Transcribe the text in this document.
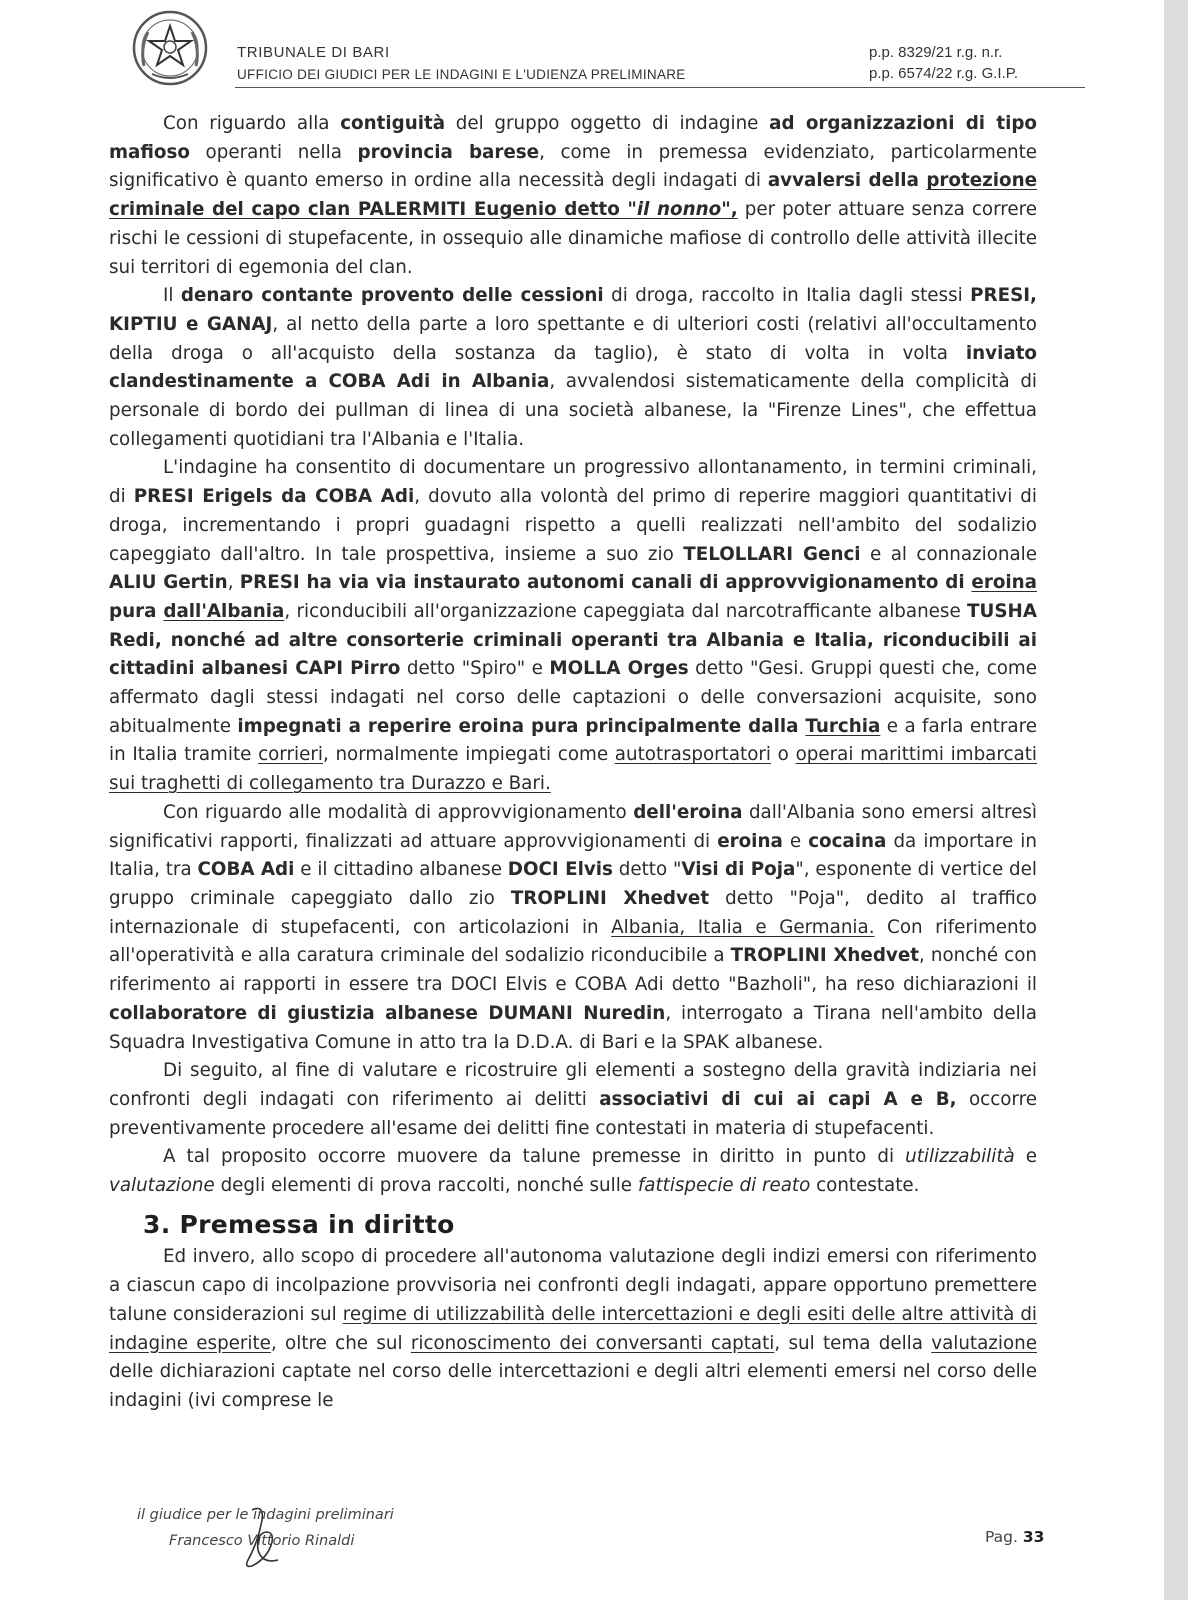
TRIBUNALE DI BARI
UFFICIO DEI GIUDICI PER LE INDAGINI E L'UDIENZA PRELIMINARE
p.p. 8329/21 r.g. n.r.
p.p. 6574/22 r.g. G.I.P.

Con riguardo alla contiguità del gruppo oggetto di indagine ad organizzazioni di tipo mafioso operanti nella provincia barese, come in premessa evidenziato, particolarmente significativo è quanto emerso in ordine alla necessità degli indagati di avvalersi della protezione criminale del capo clan PALERMITI Eugenio detto "il nonno", per poter attuare senza correre rischi le cessioni di stupefacente, in ossequio alle dinamiche mafiose di controllo delle attività illecite sui territori di egemonia del clan.

Il denaro contante provento delle cessioni di droga, raccolto in Italia dagli stessi PRESI, KIPTIU e GANAJ, al netto della parte a loro spettante e di ulteriori costi (relativi all'occultamento della droga o all'acquisto della sostanza da taglio), è stato di volta in volta inviato clandestinamente a COBA Adi in Albania, avvalendosi sistematicamente della complicità di personale di bordo dei pullman di linea di una società albanese, la "Firenze Lines", che effettua collegamenti quotidiani tra l'Albania e l'Italia.

L'indagine ha consentito di documentare un progressivo allontanamento, in termini criminali, di PRESI Erigels da COBA Adi, dovuto alla volontà del primo di reperire maggiori quantitativi di droga, incrementando i propri guadagni rispetto a quelli realizzati nell'ambito del sodalizio capeggiato dall'altro. In tale prospettiva, insieme a suo zio TELOLLARI Genci e al connazionale ALIU Gertin, PRESI ha via via instaurato autonomi canali di approvvigionamento di eroina pura dall'Albania, riconducibili all'organizzazione capeggiata dal narcotrafficante albanese TUSHA Redi, nonché ad altre consorterie criminali operanti tra Albania e Italia, riconducibili ai cittadini albanesi CAPI Pirro detto "Spiro" e MOLLA Orges detto "Gesi. Gruppi questi che, come affermato dagli stessi indagati nel corso delle captazioni o delle conversazioni acquisite, sono abitualmente impegnati a reperire eroina pura principalmente dalla Turchia e a farla entrare in Italia tramite corrieri, normalmente impiegati come autotrasportatori o operai marittimi imbarcati sui traghetti di collegamento tra Durazzo e Bari.

Con riguardo alle modalità di approvvigionamento dell'eroina dall'Albania sono emersi altresì significativi rapporti, finalizzati ad attuare approvvigionamenti di eroina e cocaina da importare in Italia, tra COBA Adi e il cittadino albanese DOCI Elvis detto "Visi di Poja", esponente di vertice del gruppo criminale capeggiato dallo zio TROPLINI Xhedvet detto "Poja", dedito al traffico internazionale di stupefacenti, con articolazioni in Albania, Italia e Germania. Con riferimento all'operatività e alla caratura criminale del sodalizio riconducibile a TROPLINI Xhedvet, nonché con riferimento ai rapporti in essere tra DOCI Elvis e COBA Adi detto "Bazholi", ha reso dichiarazioni il collaboratore di giustizia albanese DUMANI Nuredin, interrogato a Tirana nell'ambito della Squadra Investigativa Comune in atto tra la D.D.A. di Bari e la SPAK albanese.

Di seguito, al fine di valutare e ricostruire gli elementi a sostegno della gravità indiziaria nei confronti degli indagati con riferimento ai delitti associativi di cui ai capi A e B, occorre preventivamente procedere all'esame dei delitti fine contestati in materia di stupefacenti.

A tal proposito occorre muovere da talune premesse in diritto in punto di utilizzabilità e valutazione degli elementi di prova raccolti, nonché sulle fattispecie di reato contestate.

3. Premessa in diritto

Ed invero, allo scopo di procedere all'autonoma valutazione degli indizi emersi con riferimento a ciascun capo di incolpazione provvisoria nei confronti degli indagati, appare opportuno premettere talune considerazioni sul regime di utilizzabilità delle intercettazioni e degli esiti delle altre attività di indagine esperite, oltre che sul riconoscimento dei conversanti captati, sul tema della valutazione delle dichiarazioni captate nel corso delle intercettazioni e degli altri elementi emersi nel corso delle indagini (ivi comprese le

il giudice per le indagini preliminari
Francesco Vittorio Rinaldi	Pag. 33
